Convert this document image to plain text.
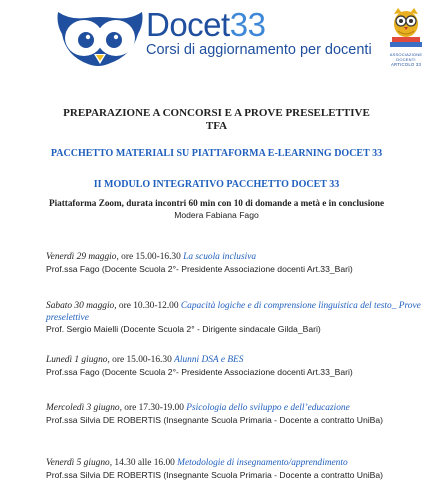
Docet33
Corsi di aggiornamento per docenti	ASSOCIAZIONE DOCENTI
ARTICOLO 33
PREPARAZIONE A CONCORSI E A PROVE PRESELETTIVE
TFA
PACCHETTO MATERIALI SU PIATTAFORMA E-LEARNING DOCET 33
II MODULO INTEGRATIVO PACCHETTO DOCET 33
Piattaforma Zoom, durata incontri 60 min con 10 di domande a metà e in conclusione
Modera Fabiana Fago
Venerdì 29 maggio, ore 15.00-16.30 La scuola inclusiva
Prof.ssa Fago (Docente Scuola 2°- Presidente Associazione docenti Art.33_Bari)
Sabato 30 maggio, ore 10.30-12.00 Capacità logiche e di comprensione linguistica del testo_ Prove preselettive
Prof. Sergio Maielli (Docente Scuola 2° - Dirigente sindacale Gilda_Bari)
Lunedì 1 giugno, ore 15.00-16.30 Alunni DSA e BES
Prof.ssa Fago (Docente Scuola 2°- Presidente Associazione docenti Art.33_Bari)
Mercoledì 3 giugno, ore 17.30-19.00 Psicologia dello sviluppo e dell’educazione
Prof.ssa Silvia DE ROBERTIS (Insegnante Scuola Primaria - Docente a contratto UniBa)
Venerdì 5 giugno, 14.30 alle 16.00 Metodologie di insegnamento/apprendimento
Prof.ssa Silvia DE ROBERTIS (Insegnante Scuola Primaria - Docente a contratto UniBa)
